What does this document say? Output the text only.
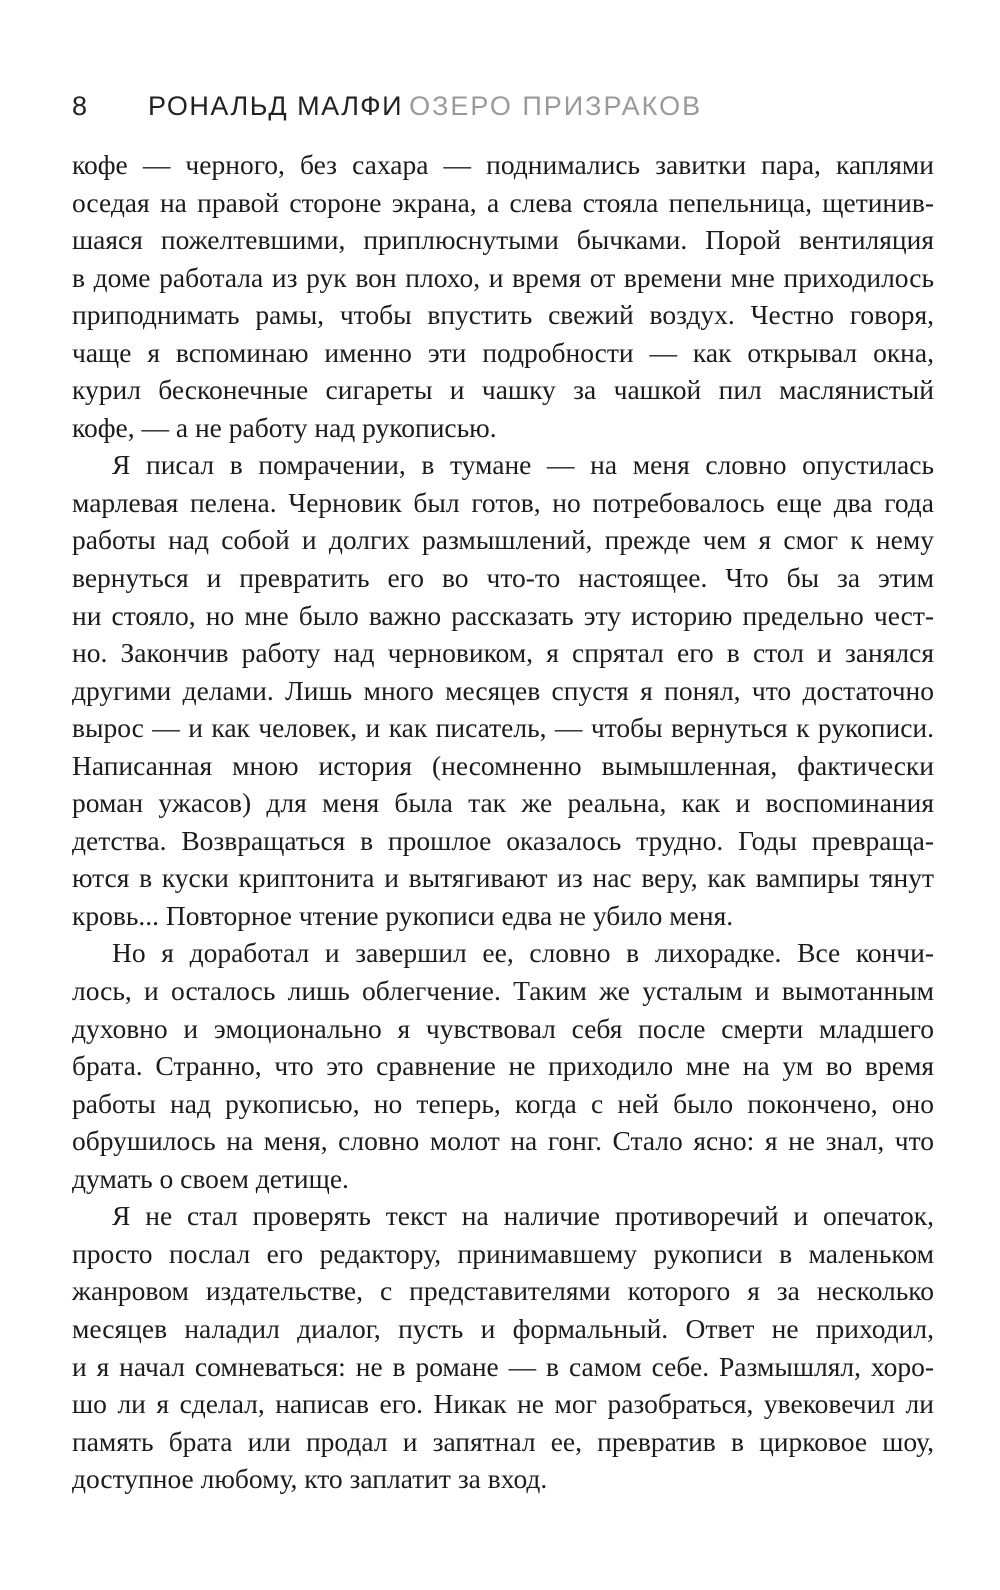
8 РОНАЛЬД МАЛФИ ОЗЕРО ПРИЗРАКОВ

кофе — черного, без сахара — поднимались завитки пара, каплями
оседая на правой стороне экрана, а слева стояла пепельница, щетинив-
шаяся пожелтевшими, приплюснутыми бычками. Порой вентиляция
в доме работала из рук вон плохо, и время от времени мне приходилось
приподнимать рамы, чтобы впустить свежий воздух. Честно говоря,
чаще я вспоминаю именно эти подробности — как открывал окна,
курил бесконечные сигареты и чашку за чашкой пил маслянистый
кофе, — а не работу над рукописью.

Я писал в помрачении, в тумане — на меня словно опустилась
марлевая пелена. Черновик был готов, но потребовалось еще два года
работы над собой и долгих размышлений, прежде чем я смог к нему
вернуться и превратить его во что-то настоящее. Что бы за этим
ни стояло, но мне было важно рассказать эту историю предельно чест-
но. Закончив работу над черновиком, я спрятал его в стол и занялся
другими делами. Лишь много месяцев спустя я понял, что достаточно
вырос — и как человек, и как писатель, — чтобы вернуться к рукописи.
Написанная мною история (несомненно вымышленная, фактически
роман ужасов) для меня была так же реальна, как и воспоминания
детства. Возвращаться в прошлое оказалось трудно. Годы превраща-
ются в куски криптонита и вытягивают из нас веру, как вампиры тянут
кровь... Повторное чтение рукописи едва не убило меня.

Но я доработал и завершил ее, словно в лихорадке. Все кончи-
лось, и осталось лишь облегчение. Таким же усталым и вымотанным
духовно и эмоционально я чувствовал себя после смерти младшего
брата. Странно, что это сравнение не приходило мне на ум во время
работы над рукописью, но теперь, когда с ней было покончено, оно
обрушилось на меня, словно молот на гонг. Стало ясно: я не знал, что
думать о своем детище.

Я не стал проверять текст на наличие противоречий и опечаток,
просто послал его редактору, принимавшему рукописи в маленьком
жанровом издательстве, с представителями которого я за несколько
месяцев наладил диалог, пусть и формальный. Ответ не приходил,
и я начал сомневаться: не в романе — в самом себе. Размышлял, хоро-
шо ли я сделал, написав его. Никак не мог разобраться, увековечил ли
память брата или продал и запятнал ее, превратив в цирковое шоу,
доступное любому, кто заплатит за вход.
